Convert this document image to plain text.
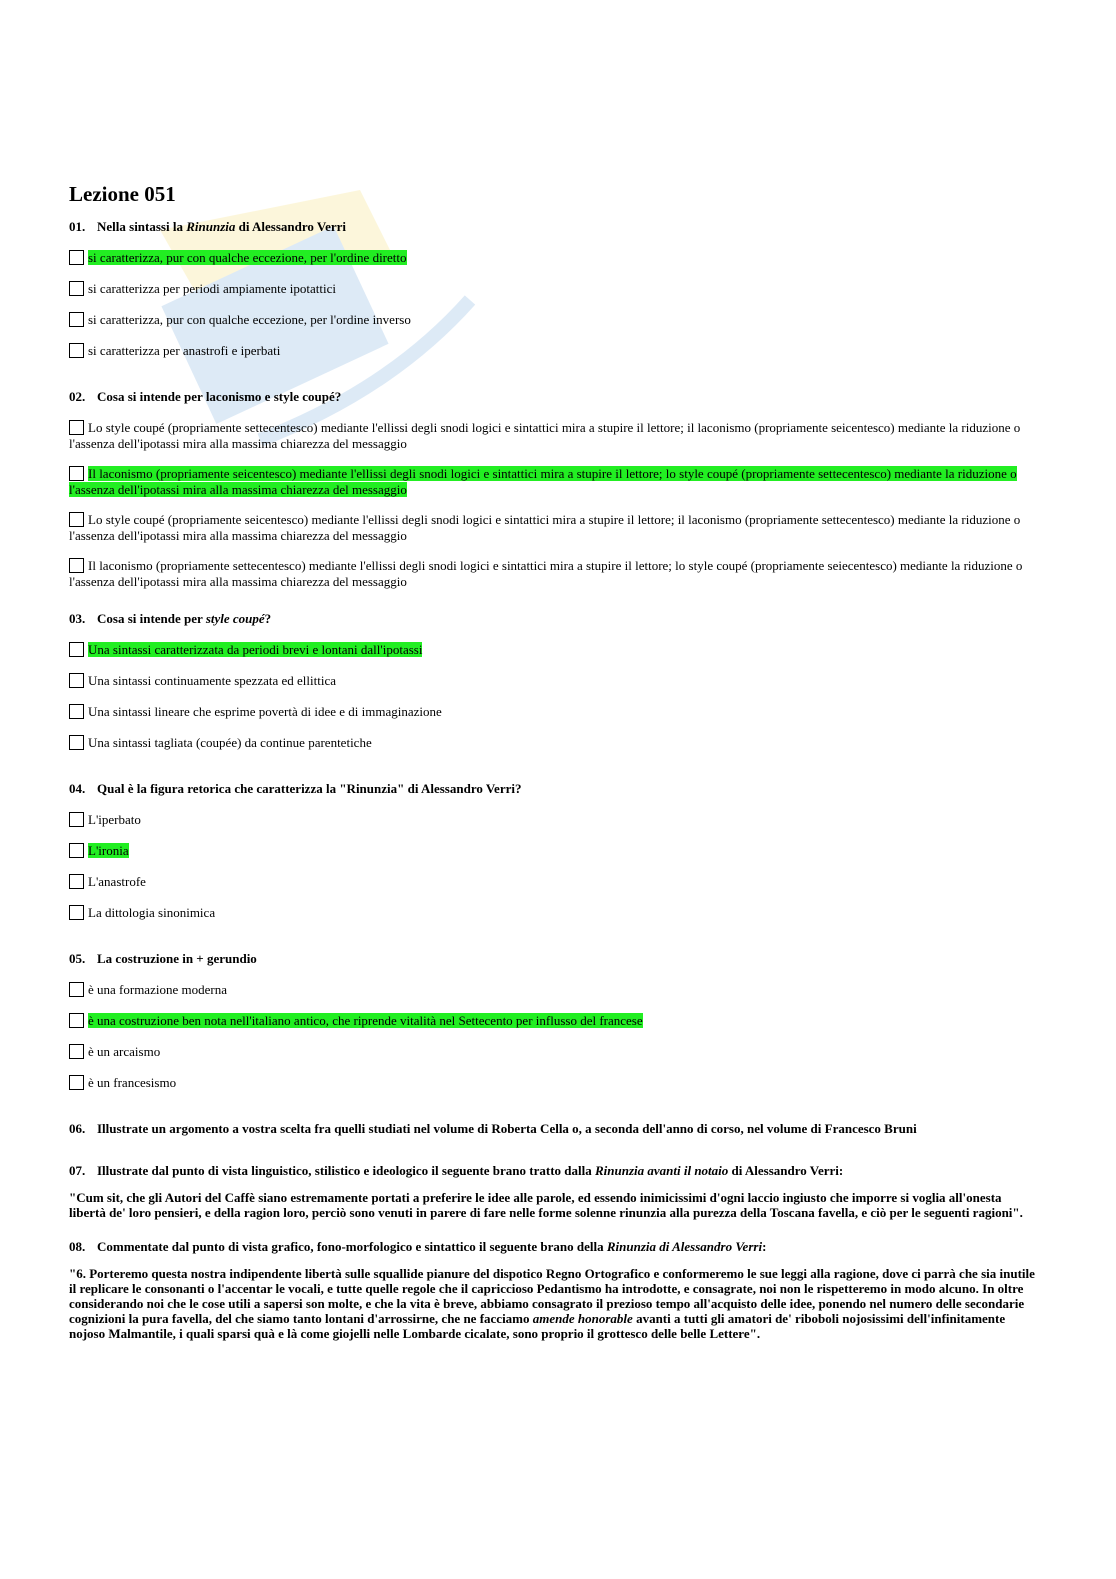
Lezione 051
01. Nella sintassi la Rinunzia di Alessandro Verri
si caratterizza, pur con qualche eccezione, per l'ordine diretto
si caratterizza per periodi ampiamente ipotattici
si caratterizza, pur con qualche eccezione, per l'ordine inverso
si caratterizza per anastrofi e iperbati
02. Cosa si intende per laconismo e style coupé?
Lo style coupé (propriamente settecentesco) mediante l'ellissi degli snodi logici e sintattici mira a stupire il lettore; il laconismo (propriamente seicentesco) mediante la riduzione o l'assenza dell'ipotassi mira alla massima chiarezza del messaggio
Il laconismo (propriamente seicentesco) mediante l'ellissi degli snodi logici e sintattici mira a stupire il lettore; lo style coupé (propriamente settecentesco) mediante la riduzione o l'assenza dell'ipotassi mira alla massima chiarezza del messaggio
Lo style coupé (propriamente seicentesco) mediante l'ellissi degli snodi logici e sintattici mira a stupire il lettore; il laconismo (propriamente settecentesco) mediante la riduzione o l'assenza dell'ipotassi mira alla massima chiarezza del messaggio
Il laconismo (propriamente settecentesco) mediante l'ellissi degli snodi logici e sintattici mira a stupire il lettore; lo style coupé (propriamente seiecentesco) mediante la riduzione o l'assenza dell'ipotassi mira alla massima chiarezza del messaggio
03. Cosa si intende per style coupé?
Una sintassi caratterizzata da periodi brevi e lontani dall'ipotassi
Una sintassi continuamente spezzata ed ellittica
Una sintassi lineare che esprime povertà di idee e di immaginazione
Una sintassi tagliata (coupée) da continue parentetiche
04. Qual è la figura retorica che caratterizza la "Rinunzia" di Alessandro Verri?
L'iperbato
L'ironia
L'anastrofe
La dittologia sinonimica
05. La costruzione in + gerundio
è una formazione moderna
è una costruzione ben nota nell'italiano antico, che riprende vitalità nel Settecento per influsso del francese
è un arcaismo
è un francesismo
06. Illustrate un argomento a vostra scelta fra quelli studiati nel volume di Roberta Cella o, a seconda dell'anno di corso, nel volume di Francesco Bruni
07. Illustrate dal punto di vista linguistico, stilistico e ideologico il seguente brano tratto dalla Rinunzia avanti il notaio di Alessandro Verri:
"Cum sit, che gli Autori del Caffè siano estremamente portati a preferire le idee alle parole, ed essendo inimicissimi d'ogni laccio ingiusto che imporre si voglia all'onesta libertà de' loro pensieri, e della ragion loro, perciò sono venuti in parere di fare nelle forme solenne rinunzia alla purezza della Toscana favella, e ciò per le seguenti ragioni".
08. Commentate dal punto di vista grafico, fono-morfologico e sintattico il seguente brano della Rinunzia di Alessandro Verri:
"6. Porteremo questa nostra indipendente libertà sulle squallide pianure del dispotico Regno Ortografico e conformeremo le sue leggi alla ragione, dove ci parrà che sia inutile il replicare le consonanti o l'accentar le vocali, e tutte quelle regole che il capriccioso Pedantismo ha introdotte, e consagrate, noi non le rispetteremo in modo alcuno. In oltre considerando noi che le cose utili a sapersi son molte, e che la vita è breve, abbiamo consagrato il prezioso tempo all'acquisto delle idee, ponendo nel numero delle secondarie cognizioni la pura favella, del che siamo tanto lontani d'arrossirne, che ne facciamo amende honorable avanti a tutti gli amatori de' riboboli nojosissimi dell'infinitamente nojoso Malmantile, i quali sparsi quà e là come giojelli nelle Lombarde cicalate, sono proprio il grottesco delle belle Lettere".
